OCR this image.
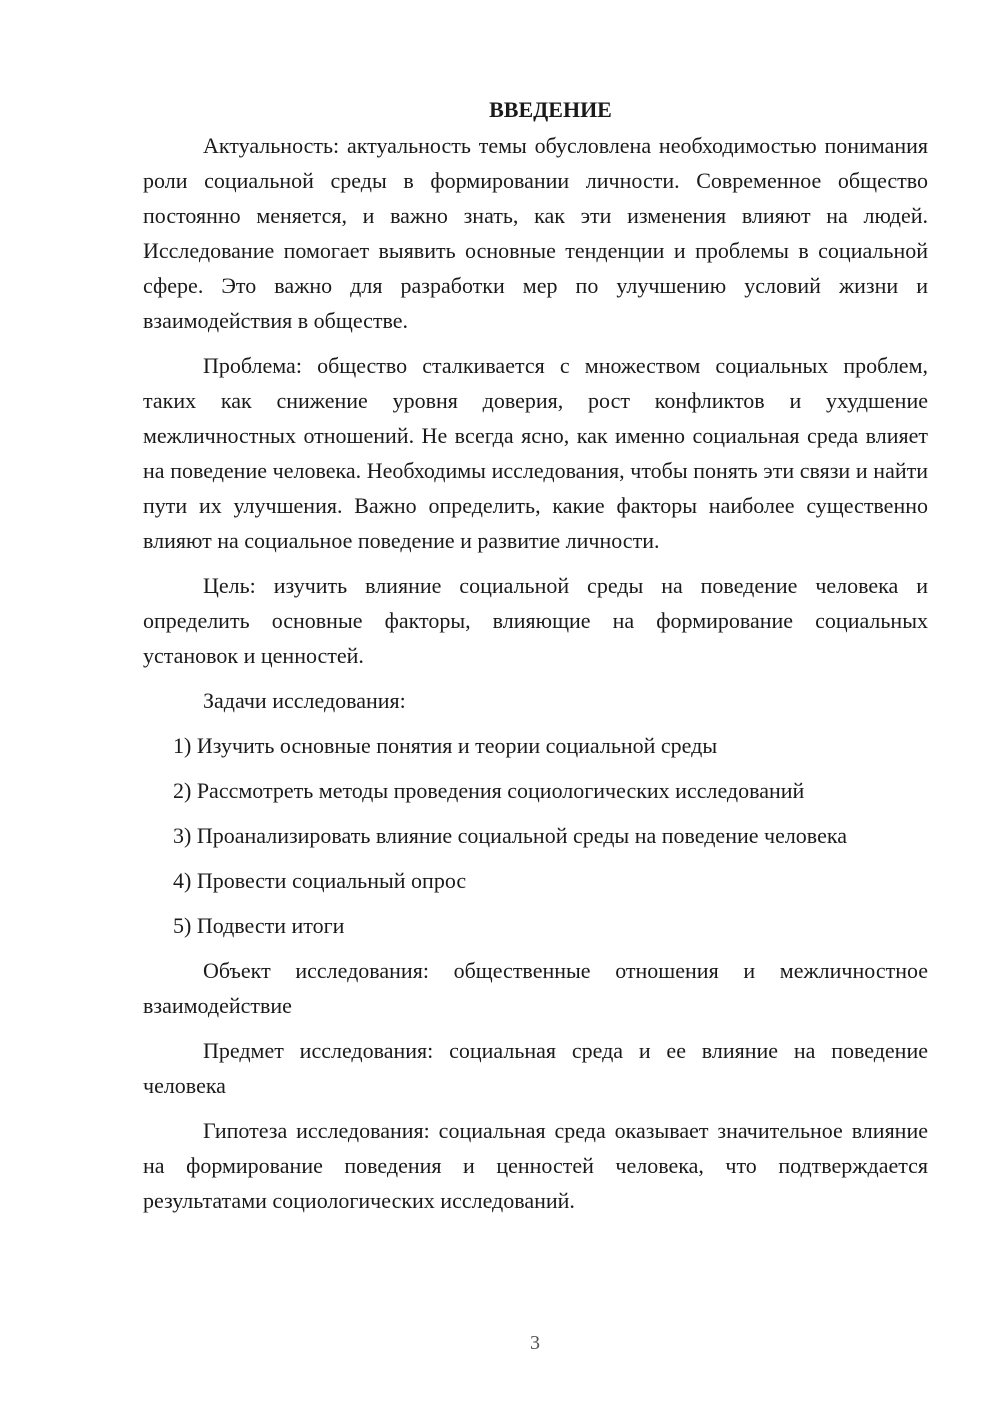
ВВЕДЕНИЕ

Актуальность: актуальность темы обусловлена необходимостью понимания роли социальной среды в формировании личности. Современное общество постоянно меняется, и важно знать, как эти изменения влияют на людей. Исследование помогает выявить основные тенденции и проблемы в социальной сфере. Это важно для разработки мер по улучшению условий жизни и взаимодействия в обществе.

Проблема: общество сталкивается с множеством социальных проблем, таких как снижение уровня доверия, рост конфликтов и ухудшение межличностных отношений. Не всегда ясно, как именно социальная среда влияет на поведение человека. Необходимы исследования, чтобы понять эти связи и найти пути их улучшения. Важно определить, какие факторы наиболее существенно влияют на социальное поведение и развитие личности.

Цель: изучить влияние социальной среды на поведение человека и определить основные факторы, влияющие на формирование социальных установок и ценностей.

Задачи исследования:

1) Изучить основные понятия и теории социальной среды

2) Рассмотреть методы проведения социологических исследований

3) Проанализировать влияние социальной среды на поведение человека

4) Провести социальный опрос

5) Подвести итоги

Объект исследования: общественные отношения и межличностное взаимодействие

Предмет исследования: социальная среда и ее влияние на поведение человека

Гипотеза исследования: социальная среда оказывает значительное влияние на формирование поведения и ценностей человека, что подтверждается результатами социологических исследований.

3
